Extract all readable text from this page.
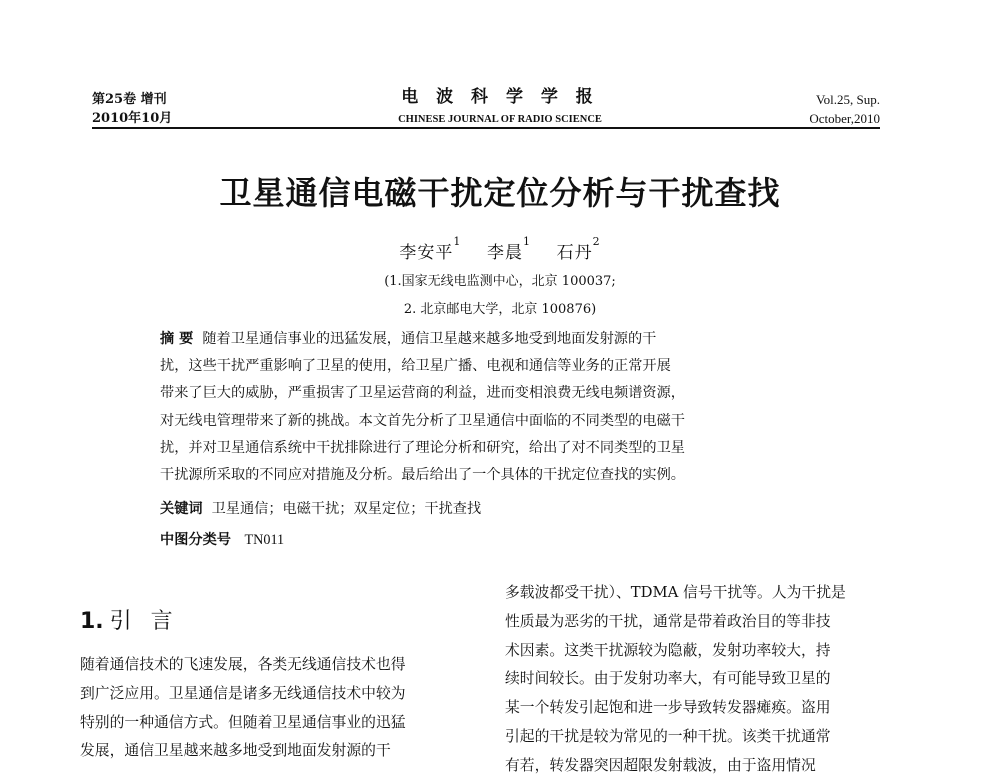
第25卷 增刊
2010年10月
电 波 科 学 学 报
CHINESE JOURNAL OF RADIO SCIENCE
Vol.25, Sup.
October,2010
卫星通信电磁干扰定位分析与干扰查找
李安平$^1$    李晨$^1$    石丹$^2$
(1.国家无线电监测中心，北京 100037;
2. 北京邮电大学，北京 100876)
摘 要 随着卫星通信事业的迅猛发展，通信卫星越来越多地受到地面发射源的干
扰，这些干扰严重影响了卫星的使用，给卫星广播、电视和通信等业务的正常开展
带来了巨大的威胁，严重损害了卫星运营商的利益，进而变相浪费无线电频谱资源，
对无线电管理带来了新的挑战。本文首先分析了卫星通信中面临的不同类型的电磁干
扰，并对卫星通信系统中干扰排除进行了理论分析和研究，给出了对不同类型的卫星
干扰源所采取的不同应对措施及分析。最后给出了一个具体的干扰定位查找的实例。
关键词 卫星通信；电磁干扰；双星定位；干扰查找
中图分类号 TN011
1. 引 言
随着通信技术的飞速发展，各类无线通信技术也得
到广泛应用。卫星通信是诸多无线通信技术中较为
特别的一种通信方式。但随着卫星通信事业的迅猛
发展，通信卫星越来越多地受到地面发射源的干
多载波都受干扰）、TDMA 信号干扰等。人为干扰是
性质最为恶劣的干扰，通常是带着政治目的等非技
术因素。这类干扰源较为隐蔽，发射功率较大，持
续时间较长。由于发射功率大，有可能导致卫星的
某一个转发引起饱和进一步导致转发器瘫痪。盗用
引起的干扰是较为常见的一种干扰。该类干扰通常
有若，转发器突因超限发射载波，由于盗用情况
